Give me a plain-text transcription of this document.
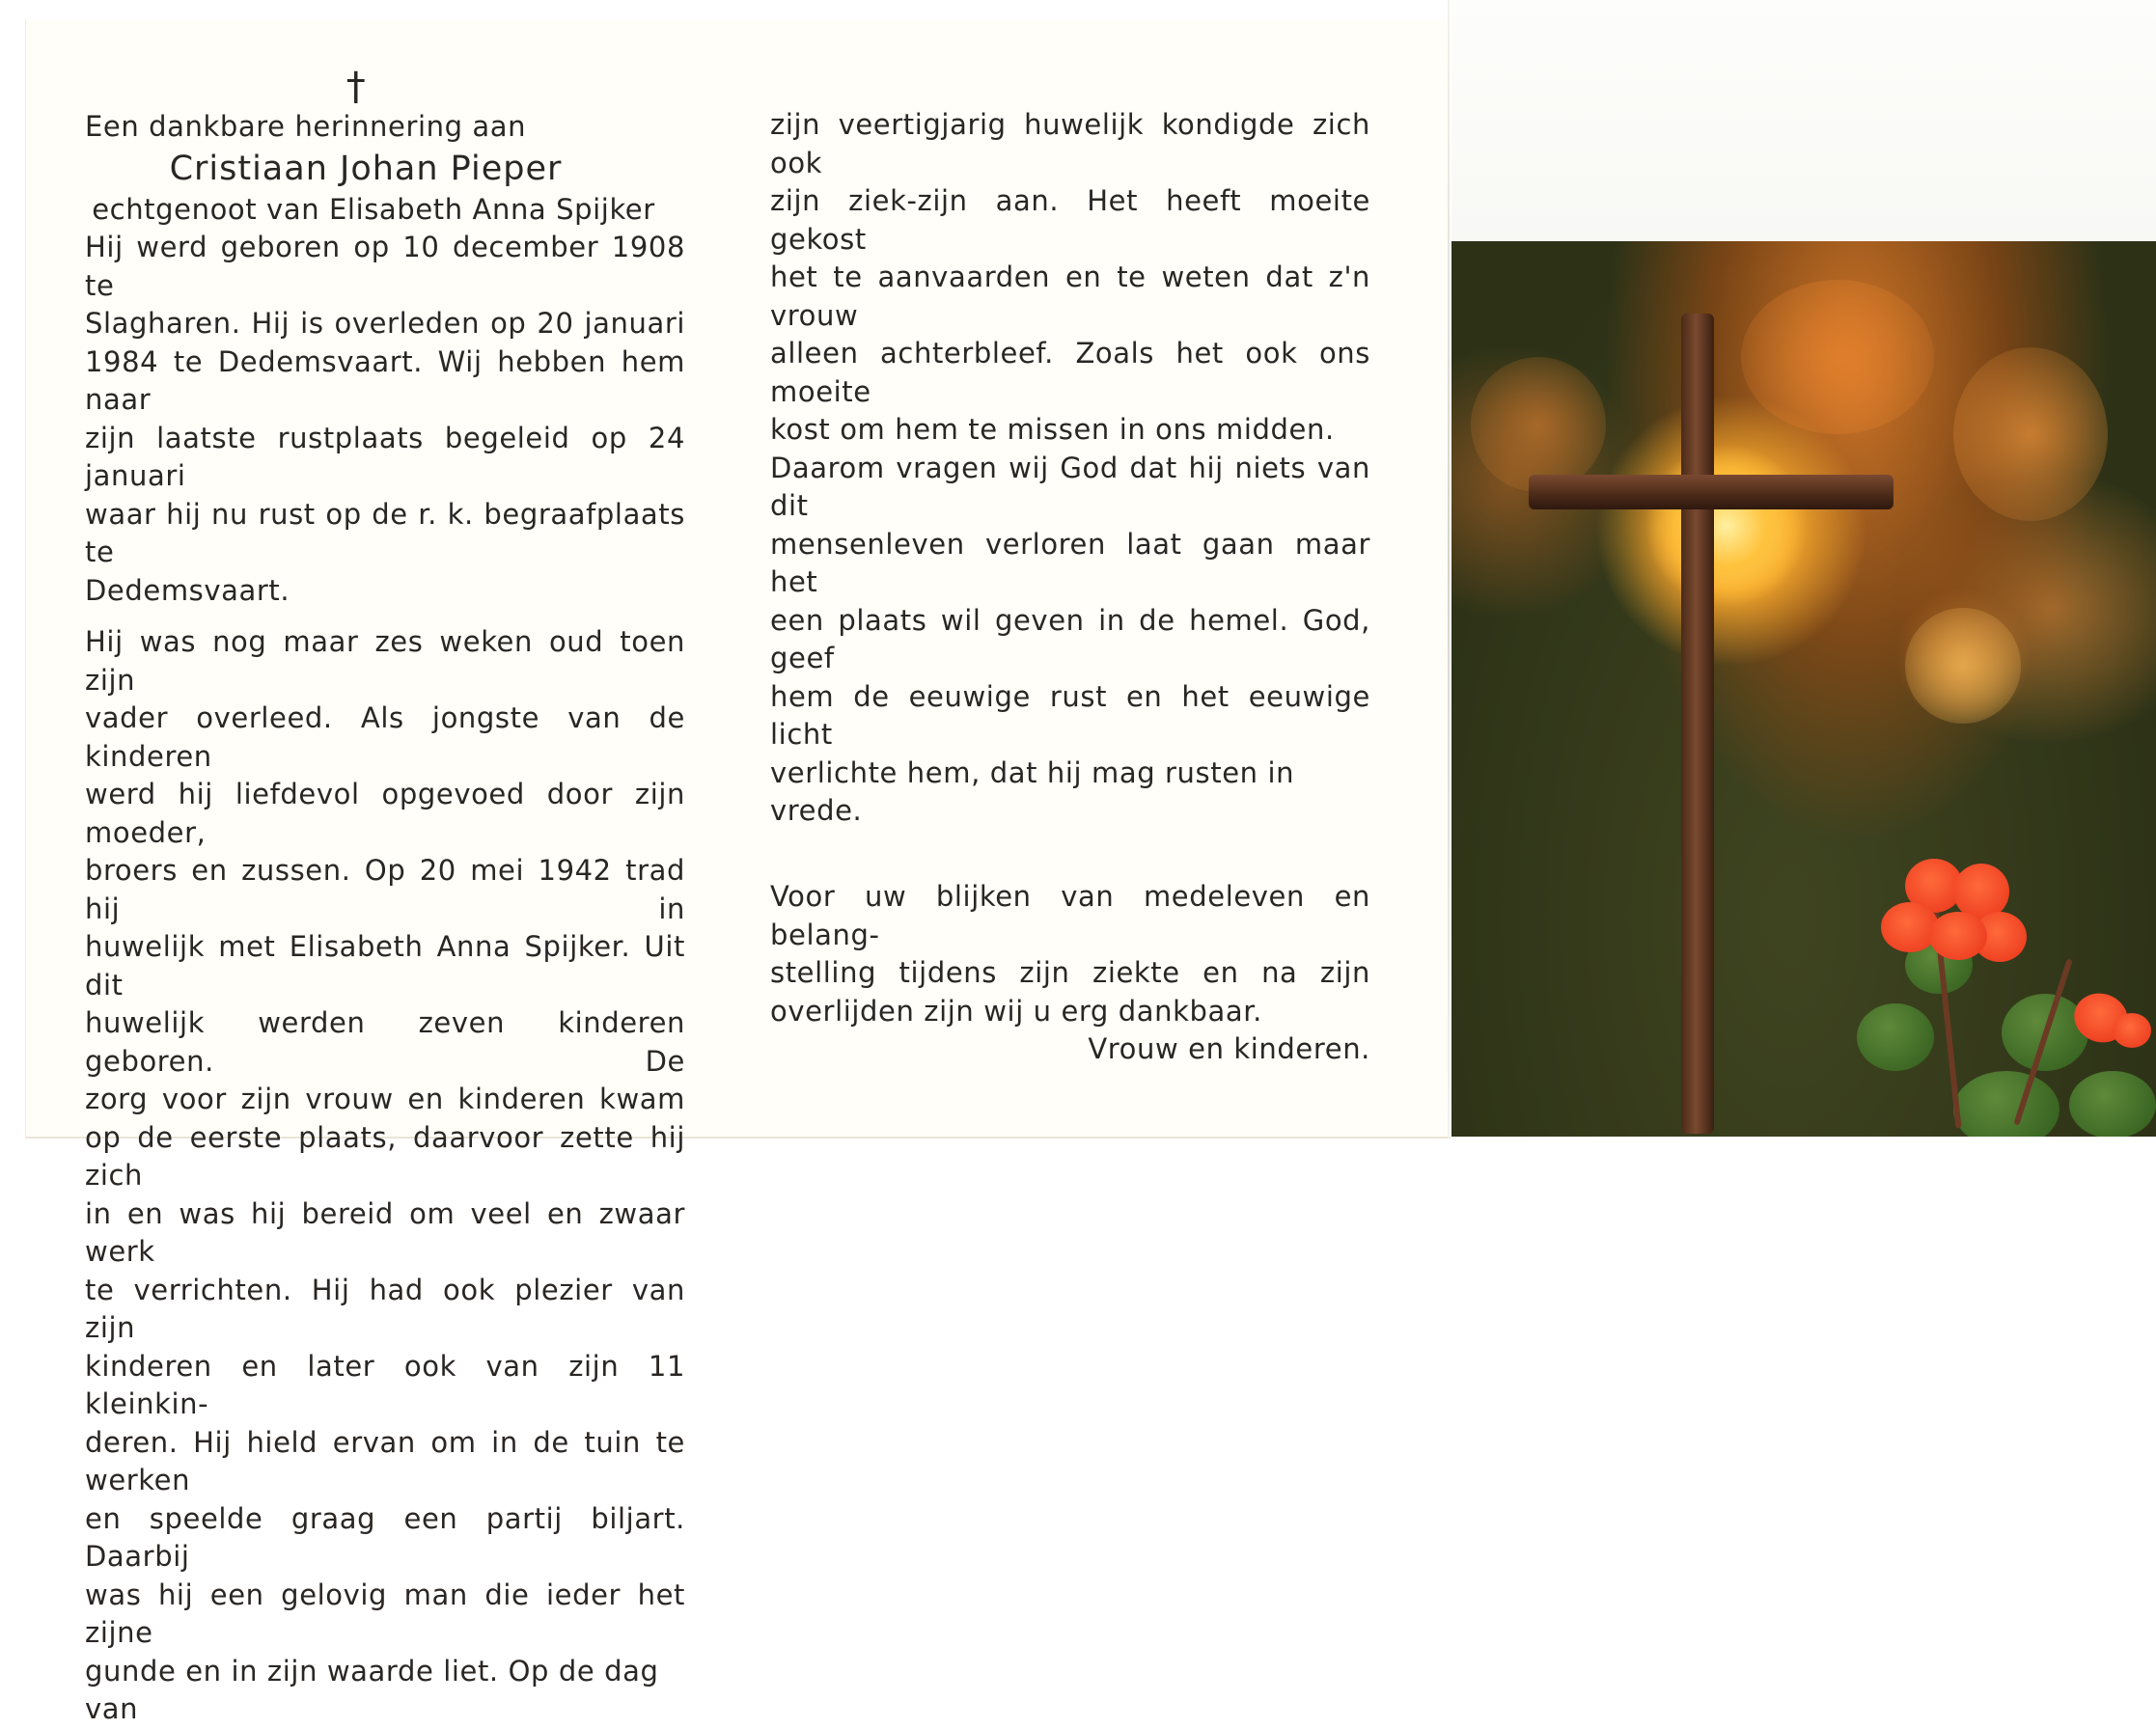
†

Een dankbare herinnering aan

Cristiaan Johan Pieper
echtgenoot van Elisabeth Anna Spijker
Hij werd geboren op 10 december 1908 te
Slagharen. Hij is overleden op 20 januari
1984 te Dedemsvaart. Wij hebben hem naar
zijn laatste rustplaats begeleid op 24 januari
waar hij nu rust op de r. k. begraafplaats te
Dedemsvaart.
Hij was nog maar zes weken oud toen zijn
vader overleed. Als jongste van de kinderen
werd hij liefdevol opgevoed door zijn moeder,
broers en zussen. Op 20 mei 1942 trad hij in
huwelijk met Elisabeth Anna Spijker. Uit dit
huwelijk werden zeven kinderen geboren. De
zorg voor zijn vrouw en kinderen kwam
op de eerste plaats, daarvoor zette hij zich
in en was hij bereid om veel en zwaar werk
te verrichten. Hij had ook plezier van zijn
kinderen en later ook van zijn 11 kleinkin-
deren. Hij hield ervan om in de tuin te werken
en speelde graag een partij biljart. Daarbij
was hij een gelovig man die ieder het zijne
gunde en in zijn waarde liet. Op de dag van
zijn veertigjarig huwelijk kondigde zich ook
zijn ziek-zijn aan. Het heeft moeite gekost
het te aanvaarden en te weten dat z'n vrouw
alleen achterbleef. Zoals het ook ons moeite
kost om hem te missen in ons midden.
Daarom vragen wij God dat hij niets van dit
mensenleven verloren laat gaan maar het
een plaats wil geven in de hemel. God, geef
hem de eeuwige rust en het eeuwige licht
verlichte hem, dat hij mag rusten in vrede.
Voor uw blijken van medeleven en belang-
stelling tijdens zijn ziekte en na zijn
overlijden zijn wij u erg dankbaar.
Vrouw en kinderen.
